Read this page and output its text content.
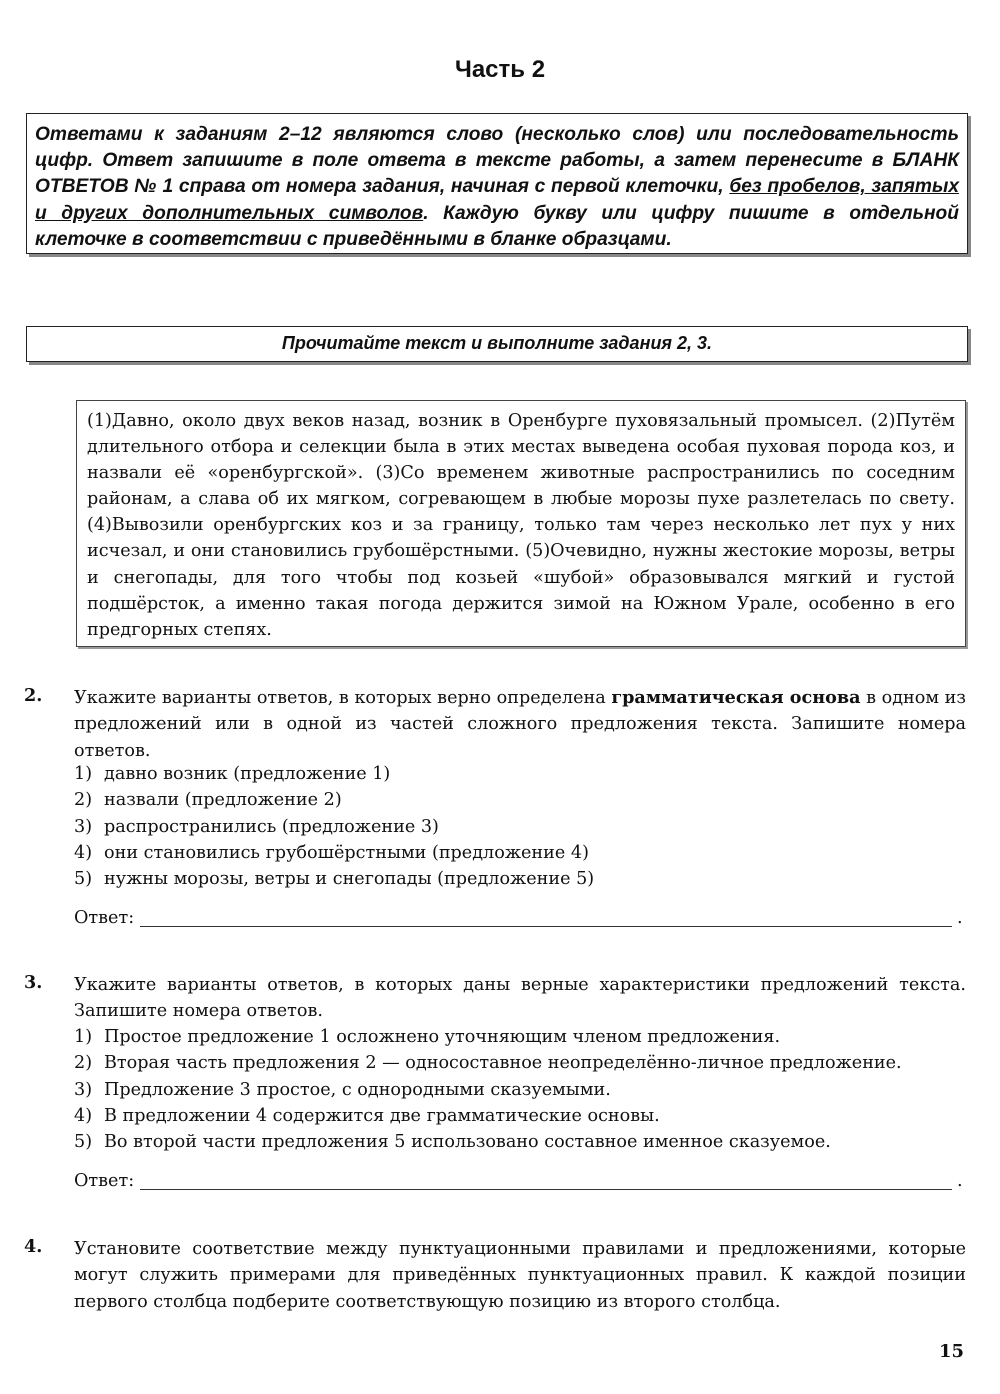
Часть 2
Ответами к заданиям 2–12 являются слово (несколько слов) или последовательность цифр. Ответ запишите в поле ответа в тексте работы, а затем перенесите в БЛАНК ОТВЕТОВ № 1 справа от номера задания, начиная с первой клеточки, без пробелов, запятых и других дополнительных символов. Каждую букву или цифру пишите в отдельной клеточке в соответствии с приведёнными в бланке образцами.
Прочитайте текст и выполните задания 2, 3.
(1)Давно, около двух веков назад, возник в Оренбурге пуховязальный промысел. (2)Путём длительного отбора и селекции была в этих местах выведена особая пуховая порода коз, и назвали её «оренбургской». (3)Со временем животные распространились по соседним районам, а слава об их мягком, согревающем в любые морозы пухе разлетелась по свету. (4)Вывозили оренбургских коз и за границу, только там через несколько лет пух у них исчезал, и они становились грубошёрстными. (5)Очевидно, нужны жестокие морозы, ветры и снегопады, для того чтобы под козьей «шубой» образовывался мягкий и густой подшёрсток, а именно такая погода держится зимой на Южном Урале, особенно в его предгорных степях.
2. Укажите варианты ответов, в которых верно определена грамматическая основа в одном из предложений или в одной из частей сложного предложения текста. Запишите номера ответов.
1) давно возник (предложение 1)
2) назвали (предложение 2)
3) распространились (предложение 3)
4) они становились грубошёрстными (предложение 4)
5) нужны морозы, ветры и снегопады (предложение 5)
Ответ:	.
3. Укажите варианты ответов, в которых даны верные характеристики предложений текста. Запишите номера ответов.
1) Простое предложение 1 осложнено уточняющим членом предложения.
2) Вторая часть предложения 2 — односоставное неопределённо-личное предложение.
3) Предложение 3 простое, с однородными сказуемыми.
4) В предложении 4 содержится две грамматические основы.
5) Во второй части предложения 5 использовано составное именное сказуемое.
Ответ:	.
4. Установите соответствие между пунктуационными правилами и предложениями, которые могут служить примерами для приведённых пунктуационных правил. К каждой позиции первого столбца подберите соответствующую позицию из второго столбца.
15
